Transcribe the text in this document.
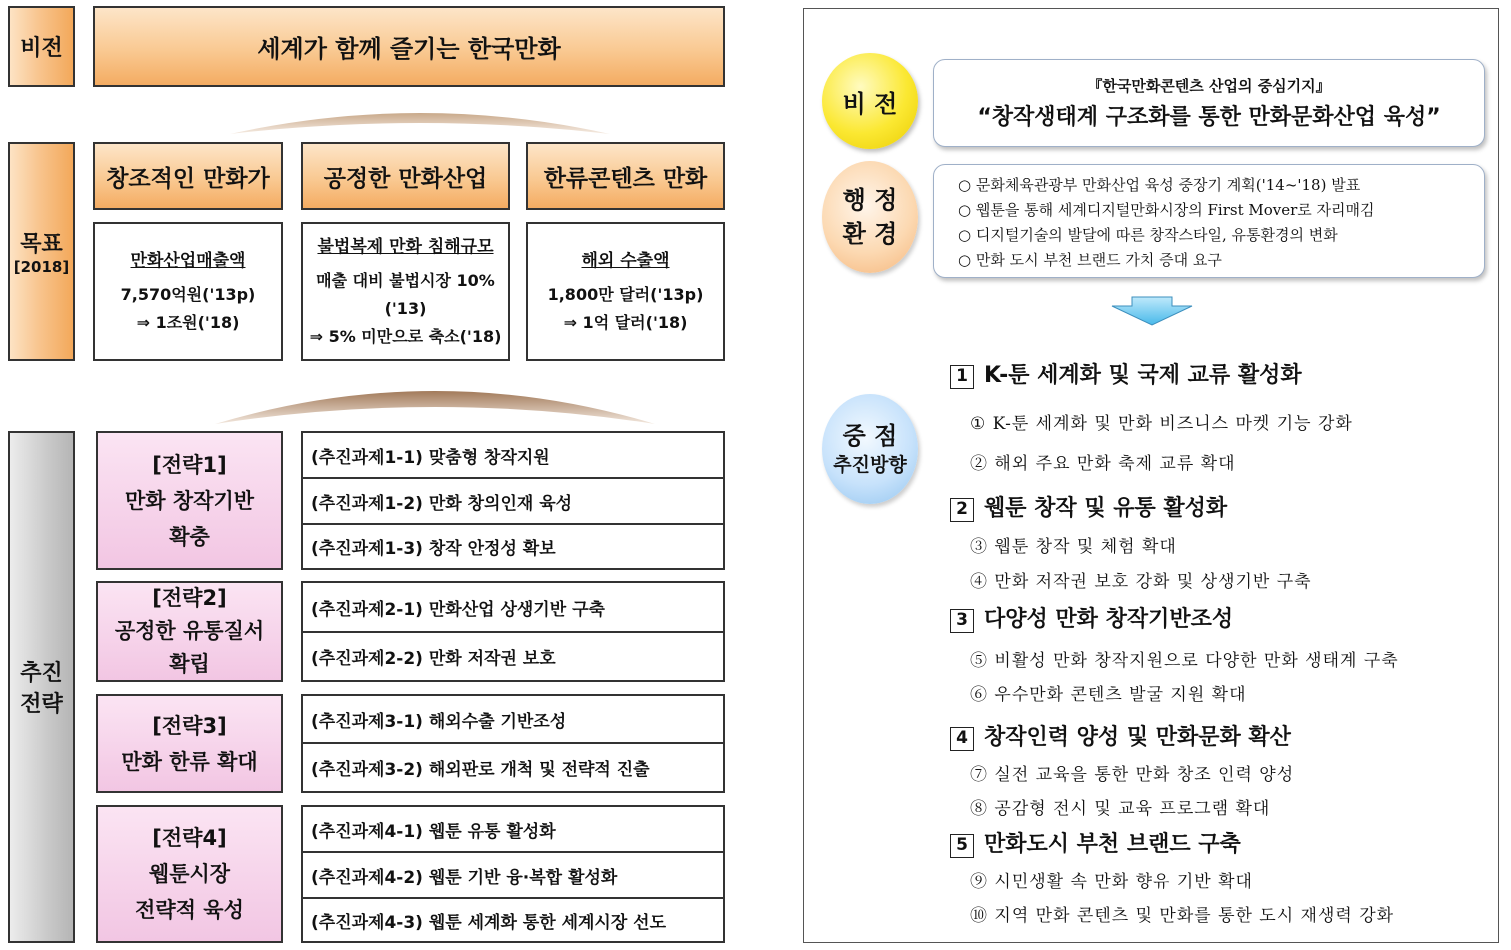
비전	세계가 함께 즐기는 한국만화
목표
[2018]
창조적인 만화가 공정한 만화산업 한류콘텐츠 만화
만화산업매출액
7,570억원('13p)
⇒ 1조원('18)
불법복제 만화 침해규모
매출 대비 불법시장 10%('13)
⇒ 5% 미만으로 축소('18)
해외 수출액
1,800만 달러('13p)
⇒ 1억 달러('18)
추진
전략
[전략1]
만화 창작기반
확충
(추진과제1-1) 맞춤형 창작지원
(추진과제1-2) 만화 창의인재 육성
(추진과제1-3) 창작 안정성 확보
[전략2]
공정한 유통질서
확립
(추진과제2-1) 만화산업 상생기반 구축
(추진과제2-2) 만화 저작권 보호
[전략3]
만화 한류 확대
(추진과제3-1) 해외수출 기반조성
(추진과제3-2) 해외판로 개척 및 전략적 진출
[전략4]
웹툰시장
전략적 육성
(추진과제4-1) 웹툰 유통 활성화
(추진과제4-2) 웹툰 기반 융·복합 활성화
(추진과제4-3) 웹툰 세계화 통한 세계시장 선도
비 전
『한국만화콘텐츠 산업의 중심기지』
“창작생태계 구조화를 통한 만화문화산업 육성”
행 정
환 경
○ 문화체육관광부 만화산업 육성 중장기 계획('14~'18) 발표
○ 웹툰을 통해 세계디지털만화시장의 First Mover로 자리매김
○ 디지털기술의 발달에 따른 창작스타일, 유통환경의 변화
○ 만화 도시 부천 브랜드 가치 증대 요구
중 점
추진방향
1 K-툰 세계화 및 국제 교류 활성화
① K-툰 세계화 및 만화 비즈니스 마켓 기능 강화
② 해외 주요 만화 축제 교류 확대
2 웹툰 창작 및 유통 활성화
③ 웹툰 창작 및 체험 확대
④ 만화 저작권 보호 강화 및 상생기반 구축
3 다양성 만화 창작기반조성
⑤ 비활성 만화 창작지원으로 다양한 만화 생태계 구축
⑥ 우수만화 콘텐츠 발굴 지원 확대
4 창작인력 양성 및 만화문화 확산
⑦ 실전 교육을 통한 만화 창조 인력 양성
⑧ 공감형 전시 및 교육 프로그램 확대
5 만화도시 부천 브랜드 구축
⑨ 시민생활 속 만화 향유 기반 확대
⑩ 지역 만화 콘텐츠 및 만화를 통한 도시 재생력 강화
